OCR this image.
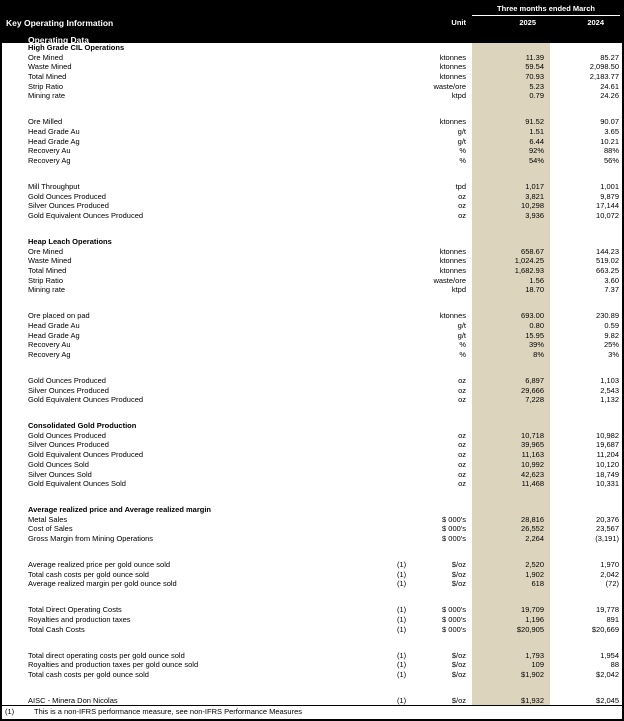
Three months ended March
Key Operating Information	Unit	2025	2024
Operating Data
High Grade CIL Operations
Ore Mined	ktonnes	11.39	85.27
Waste Mined	ktonnes	59.54	2,098.50
Total Mined	ktonnes	70.93	2,183.77
Strip Ratio	waste/ore	5.23	24.61
Mining rate	ktpd	0.79	24.26
Ore Milled	ktonnes	91.52	90.07
Head Grade Au	g/t	1.51	3.65
Head Grade Ag	g/t	6.44	10.21
Recovery Au	%	92%	88%
Recovery Ag	%	54%	56%
Mill Throughput	tpd	1,017	1,001
Gold Ounces Produced	oz	3,821	9,879
Silver Ounces Produced	oz	10,298	17,144
Gold Equivalent Ounces Produced	oz	3,936	10,072
Heap Leach Operations
Ore Mined	ktonnes	658.67	144.23
Waste Mined	ktonnes	1,024.25	519.02
Total Mined	ktonnes	1,682.93	663.25
Strip Ratio	waste/ore	1.56	3.60
Mining rate	ktpd	18.70	7.37
Ore placed on pad	ktonnes	693.00	230.89
Head Grade Au	g/t	0.80	0.59
Head Grade Ag	g/t	15.95	9.82
Recovery Au	%	39%	25%
Recovery Ag	%	8%	3%
Gold Ounces Produced	oz	6,897	1,103
Silver Ounces Produced	oz	29,666	2,543
Gold Equivalent Ounces Produced	oz	7,228	1,132
Consolidated Gold Production
Gold Ounces Produced	oz	10,718	10,982
Silver Ounces Produced	oz	39,965	19,687
Gold Equivalent Ounces Produced	oz	11,163	11,204
Gold Ounces Sold	oz	10,992	10,120
Silver Ounces Sold	oz	42,623	18,749
Gold Equivalent Ounces Sold	oz	11,468	10,331
Average realized price and Average realized margin
Metal Sales	$ 000's	28,816	20,376
Cost of Sales	$ 000's	26,552	23,567
Gross Margin from Mining Operations	$ 000's	2,264	(3,191)
Average realized price per gold ounce sold	(1)	$/oz	2,520	1,970
Total cash costs per gold ounce sold	(1)	$/oz	1,902	2,042
Average realized margin per gold ounce sold	(1)	$/oz	618	(72)
Total Direct Operating Costs	(1)	$ 000's	19,709	19,778
Royalties and production taxes	(1)	$ 000's	1,196	891
Total Cash Costs	(1)	$ 000's	$20,905	$20,669
Total direct operating costs per gold ounce sold	(1)	$/oz	1,793	1,954
Royalties and production taxes per gold ounce sold	(1)	$/oz	109	88
Total cash costs per gold ounce sold	(1)	$/oz	$1,902	$2,042
AISC - Minera Don Nicolas	(1)	$/oz	$1,932	$2,045
(1)	This is a non-IFRS performance measure, see non-IFRS Performance Measures
